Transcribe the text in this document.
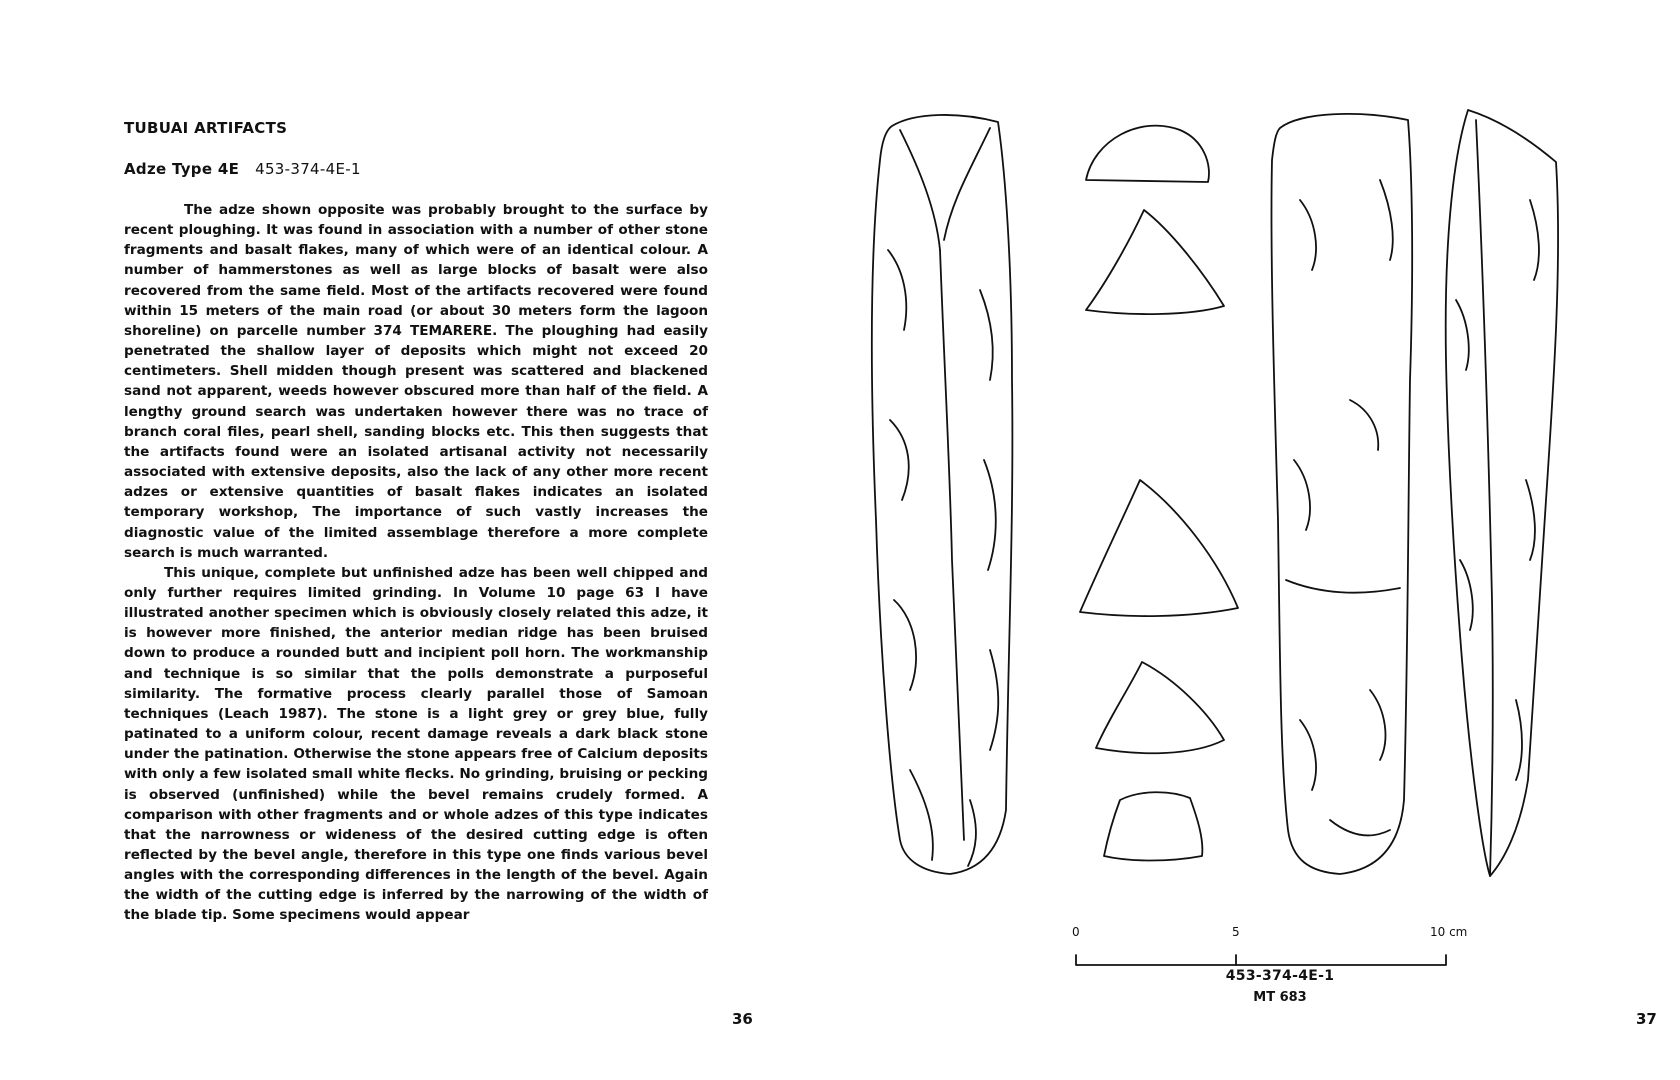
TUBUAI ARTIFACTS
Adze Type 4E 453-374-4E-1

The adze shown opposite was probably brought to the surface by recent ploughing. It was found in association with a number of other stone fragments and basalt flakes, many of which were of an identical colour. A number of hammerstones as well as large blocks of basalt were also recovered from the same field. Most of the artifacts recovered were found within 15 meters of the main road (or about 30 meters form the lagoon shoreline) on parcelle number 374 TEMARERE. The ploughing had easily penetrated the shallow layer of deposits which might not exceed 20 centimeters. Shell midden though present was scattered and blackened sand not apparent, weeds however obscured more than half of the field. A lengthy ground search was undertaken however there was no trace of branch coral files, pearl shell, sanding blocks etc. This then suggests that the artifacts found were an isolated artisanal activity not necessarily associated with extensive deposits, also the lack of any other more recent adzes or extensive quantities of basalt flakes indicates an isolated temporary workshop, The importance of such vastly increases the diagnostic value of the limited assemblage therefore a more complete search is much warranted.

This unique, complete but unfinished adze has been well chipped and only further requires limited grinding. In Volume 10 page 63 I have illustrated another specimen which is obviously closely related this adze, it is however more finished, the anterior median ridge has been bruised down to produce a rounded butt and incipient poll horn. The workmanship and technique is so similar that the polls demonstrate a purposeful similarity. The formative process clearly parallel those of Samoan techniques (Leach 1987). The stone is a light grey or grey blue, fully patinated to a uniform colour, recent damage reveals a dark black stone under the patination. Otherwise the stone appears free of Calcium deposits with only a few isolated small white flecks. No grinding, bruising or pecking is observed (unfinished) while the bevel remains crudely formed. A comparison with other fragments and or whole adzes of this type indicates that the narrowness or wideness of the desired cutting edge is often reflected by the bevel angle, therefore in this type one finds various bevel angles with the corresponding differences in the length of the bevel. Again the width of the cutting edge is inferred by the narrowing of the width of the blade tip. Some specimens would appear

36
0	5	10 cm
453-374-4E-1
MT 683
37
